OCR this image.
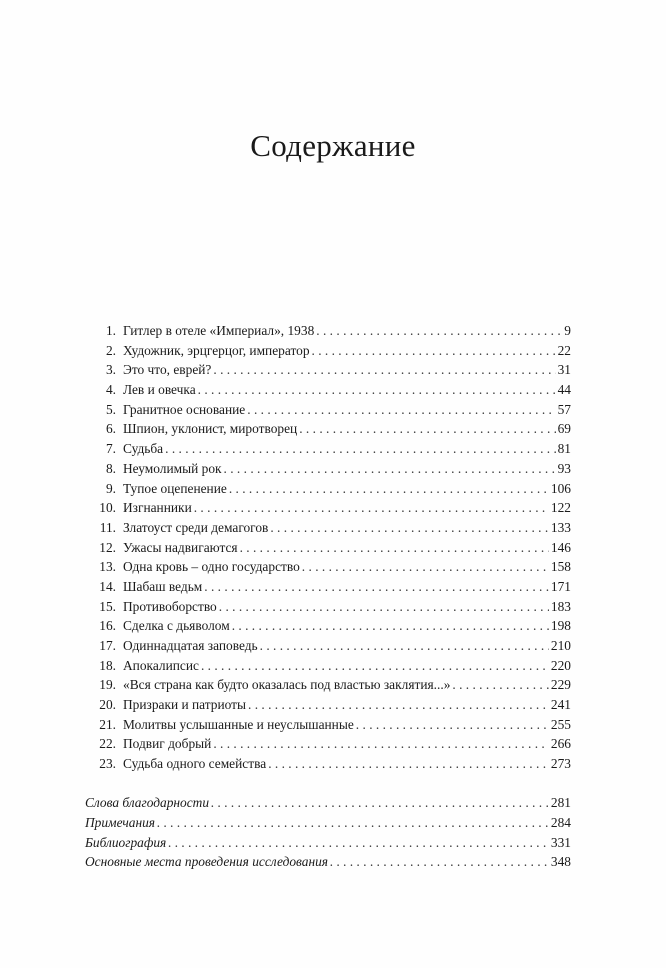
Содержание
1. Гитлер в отеле «Империал», 1938 . . .	9
2. Художник, эрцгерцог, император . . .	22
3. Это что, еврей? . . .	31
4. Лев и овечка . . .	44
5. Гранитное основание . . .	57
6. Шпион, уклонист, миротворец . . .	69
7. Судьба . . .	81
8. Неумолимый рок . . .	93
9. Тупое оцепенение . . .	106
10. Изгнанники . . .	122
11. Златоуст среди демагогов . . .	133
12. Ужасы надвигаются . . .	146
13. Одна кровь – одно государство . . .	158
14. Шабаш ведьм . . .	171
15. Противоборство . . .	183
16. Сделка с дьяволом . . .	198
17. Одиннадцатая заповедь . . .	210
18. Апокалипсис . . .	220
19. «Вся страна как будто оказалась под властью заклятия...» . . .	229
20. Призраки и патриоты . . .	241
21. Молитвы услышанные и неуслышанные . . .	255
22. Подвиг добрый . . .	266
23. Судьба одного семейства . . .	273
Слова благодарности . . .	281
Примечания . . .	284
Библиография . . .	331
Основные места проведения исследования . . .	348
